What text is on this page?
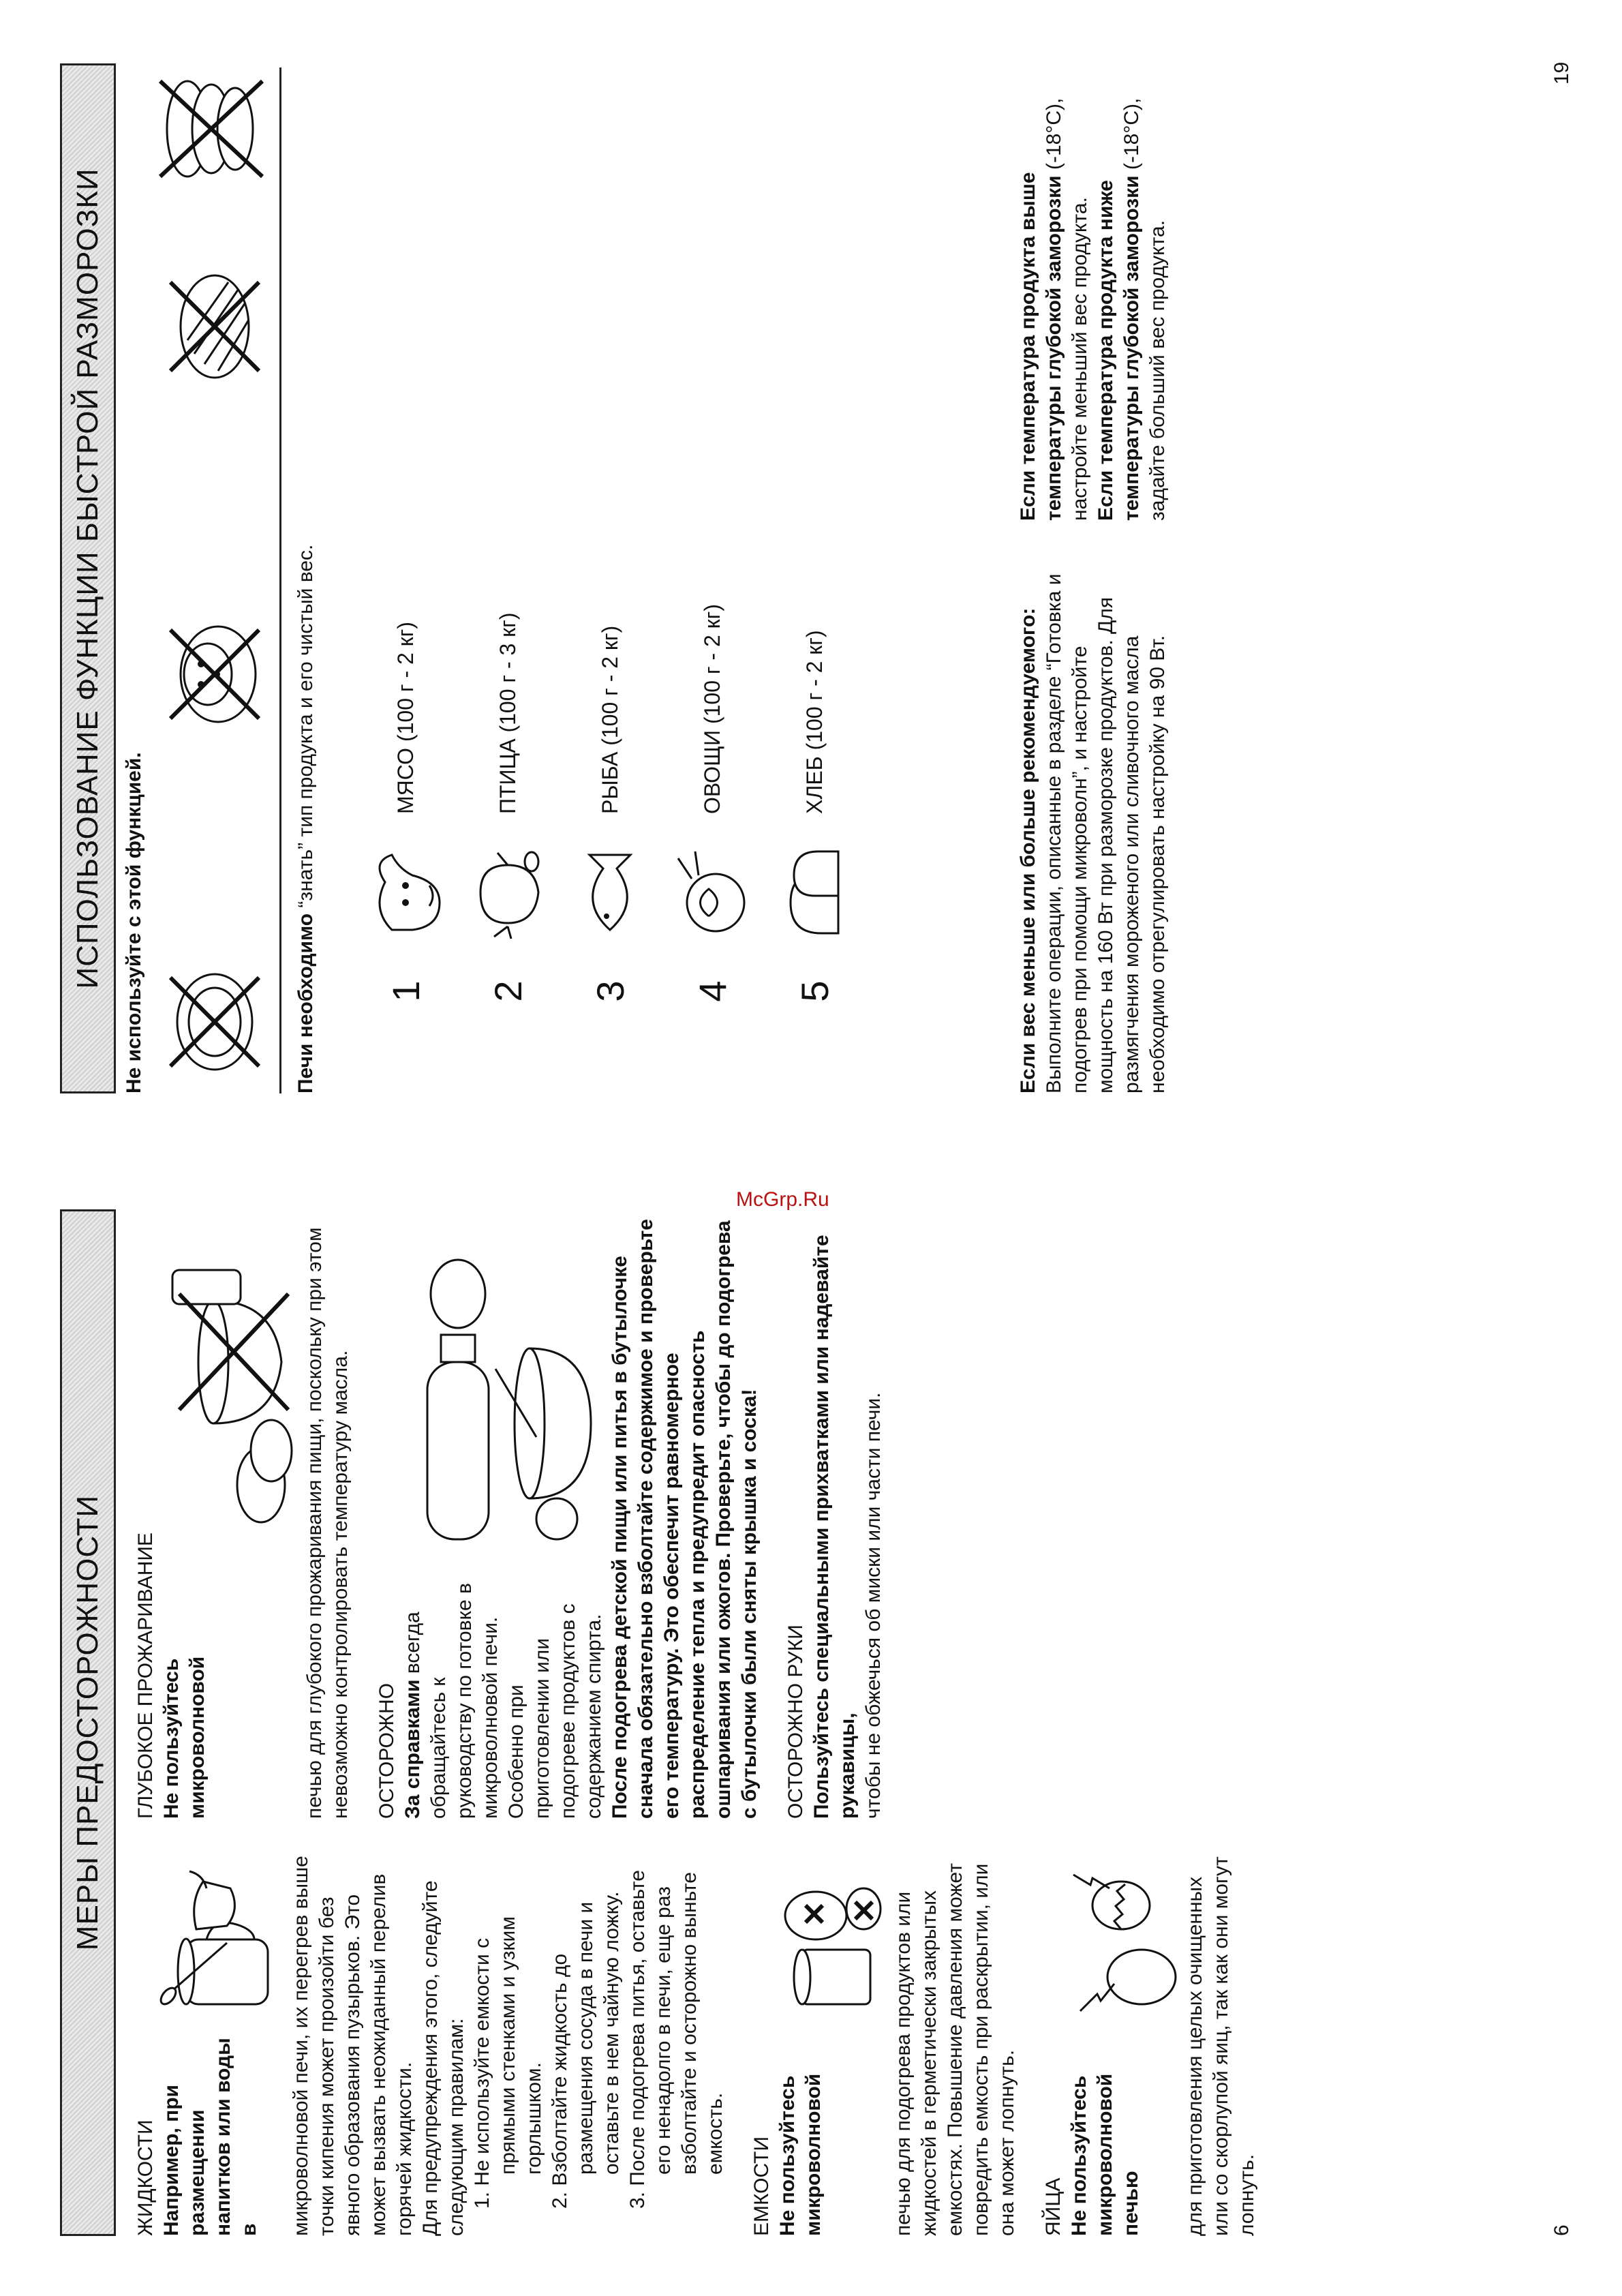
МЕРЫ ПРЕДОСТОРОЖНОСТИ

ЖИДКОСТИ Например, при размещении напитков или воды в микроволновой печи, их перегрев выше точки кипения может произойти без явного образования пузырьков. Это может вызвать неожиданный перелив горячей жидкости. Для предупреждения этого, следуйте следующим правилам: 1. Не используйте емкости с прямыми стенками и узким горлышком. 2. Взболтайте жидкость до размещения сосуда в печи и оставьте в нем чайную ложку. 3. После подогрева питья, оставьте его ненадолго в печи, еще раз взболтайте и осторожно выньте емкость.

ЕМКОСТИ Не пользуйтесь микроволновой	печью для подогрева продуктов или жидкостей в герметически закрытых емкостях. Повышение давления может повредить емкость при раскрытии, или она может лопнуть. ЯЙЦА Не пользуйтесь микроволновой печью для приготовления целых очищенных или со скорлупой яиц, так как они могут лопнуть.

ГЛУБОКОЕ ПРОЖАРИВАНИЕ Не пользуйтесь микроволновой	печью для глубокого прожаривания пищи, поскольку при этом невозможно контролировать температуру масла. ОСТОРОЖНО За справками всегда обращайтесь к руководству по готовке в микроволновой печи. Особенно при приготовлении или подогреве продуктов с содержанием спирта. После подогрева детской пищи или питья в бутылочке сначала обязательно взболтайте содержимое и проверьте его температуру. Это обеспечит равномерное распределение тепла и предупредит опасность ошпаривания или ожогов. Проверьте, чтобы до подогрева с бутылочки были сняты крышка и соска! ОСТОРОЖНО РУКИ Пользуйтесь специальными прихватками или надевайте рукавицы, чтобы не обжечься об миски или части печи.

6
McGrp.Ru
ИСПОЛЬЗОВАНИЕ ФУНКЦИИ БЫСТРОЙ РАЗМОРОЗКИ Не используйте с этой функцией.	Печи необходимо “знать” тип продукта и его чистый вес.

1
МЯСО (100 г - 2 кг)
2
ПТИЦА (100 г - 3 кг)
3
РЫБА (100 г - 2 кг)
4
ОВОЩИ (100 г - 2 кг)
5
ХЛЕБ (100 г - 2 кг)	Если вес меньше или больше рекомендуемого: Выполните операции, описанные в разделе “Готовка и подогрев при помощи микроволн”, и настройте мощность на 160 Вт при разморозке продуктов. Для размягчения мороженого или сливочного масла необходимо отрегулировать настройку на 90 Вт.

Если температура продукта выше температуры глубокой заморозки (-18°C), настройте меньший вес продукта. Если температура продукта ниже температуры глубокой заморозки (-18°C), задайте больший вес продукта.

19
